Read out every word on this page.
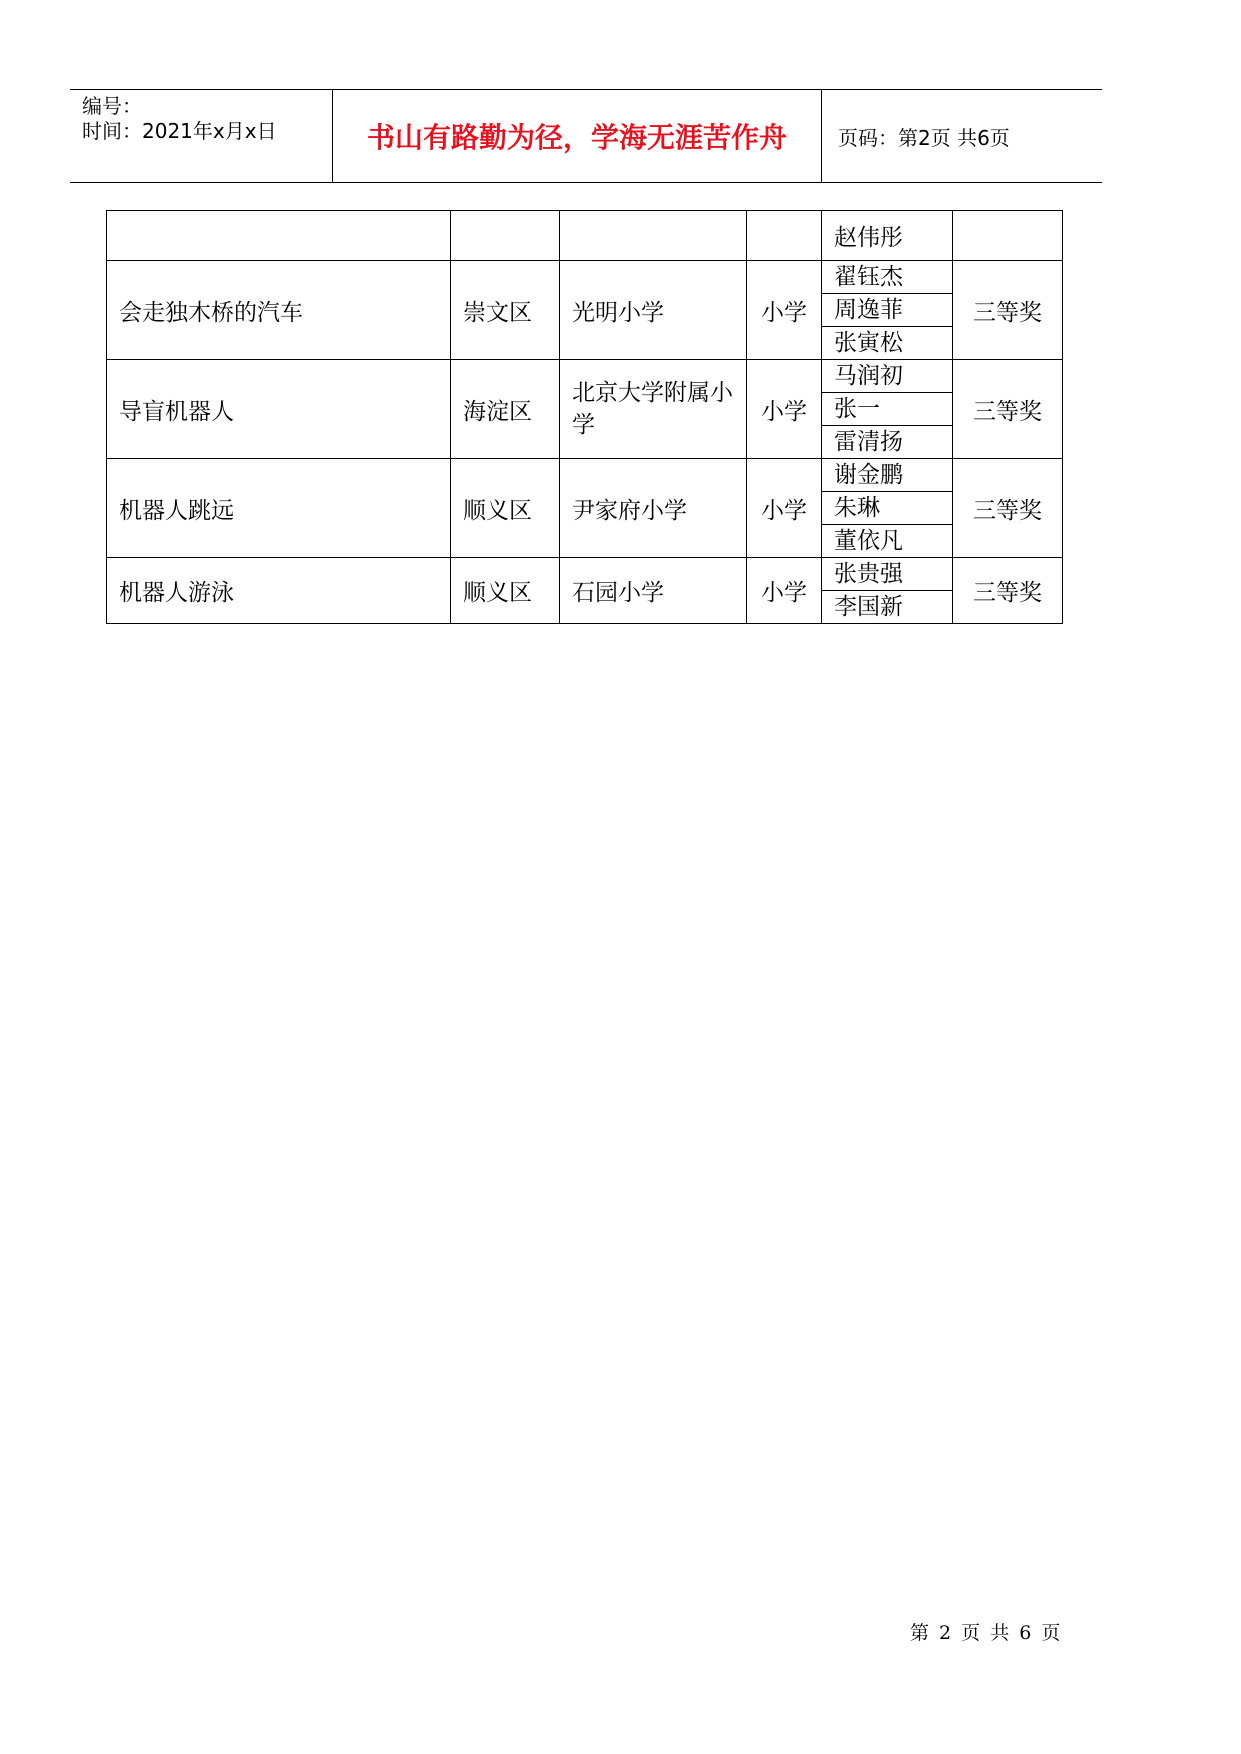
编号：
时间：2021年x月x日	书山有路勤为径，学海无涯苦作舟	页码：第2页 共6页
				赵伟彤	
会走独木桥的汽车	崇文区	光明小学	小学	翟钰杰	三等奖
				周逸菲	
				张寅松	
导盲机器人	海淀区	北京大学附属小学	小学	马润初	三等奖
				张一	
				雷清扬	
机器人跳远	顺义区	尹家府小学	小学	谢金鹏	三等奖
				朱琳	
				董依凡	
机器人游泳	顺义区	石园小学	小学	张贵强	三等奖
				李国新	
第 2 页 共 6 页
